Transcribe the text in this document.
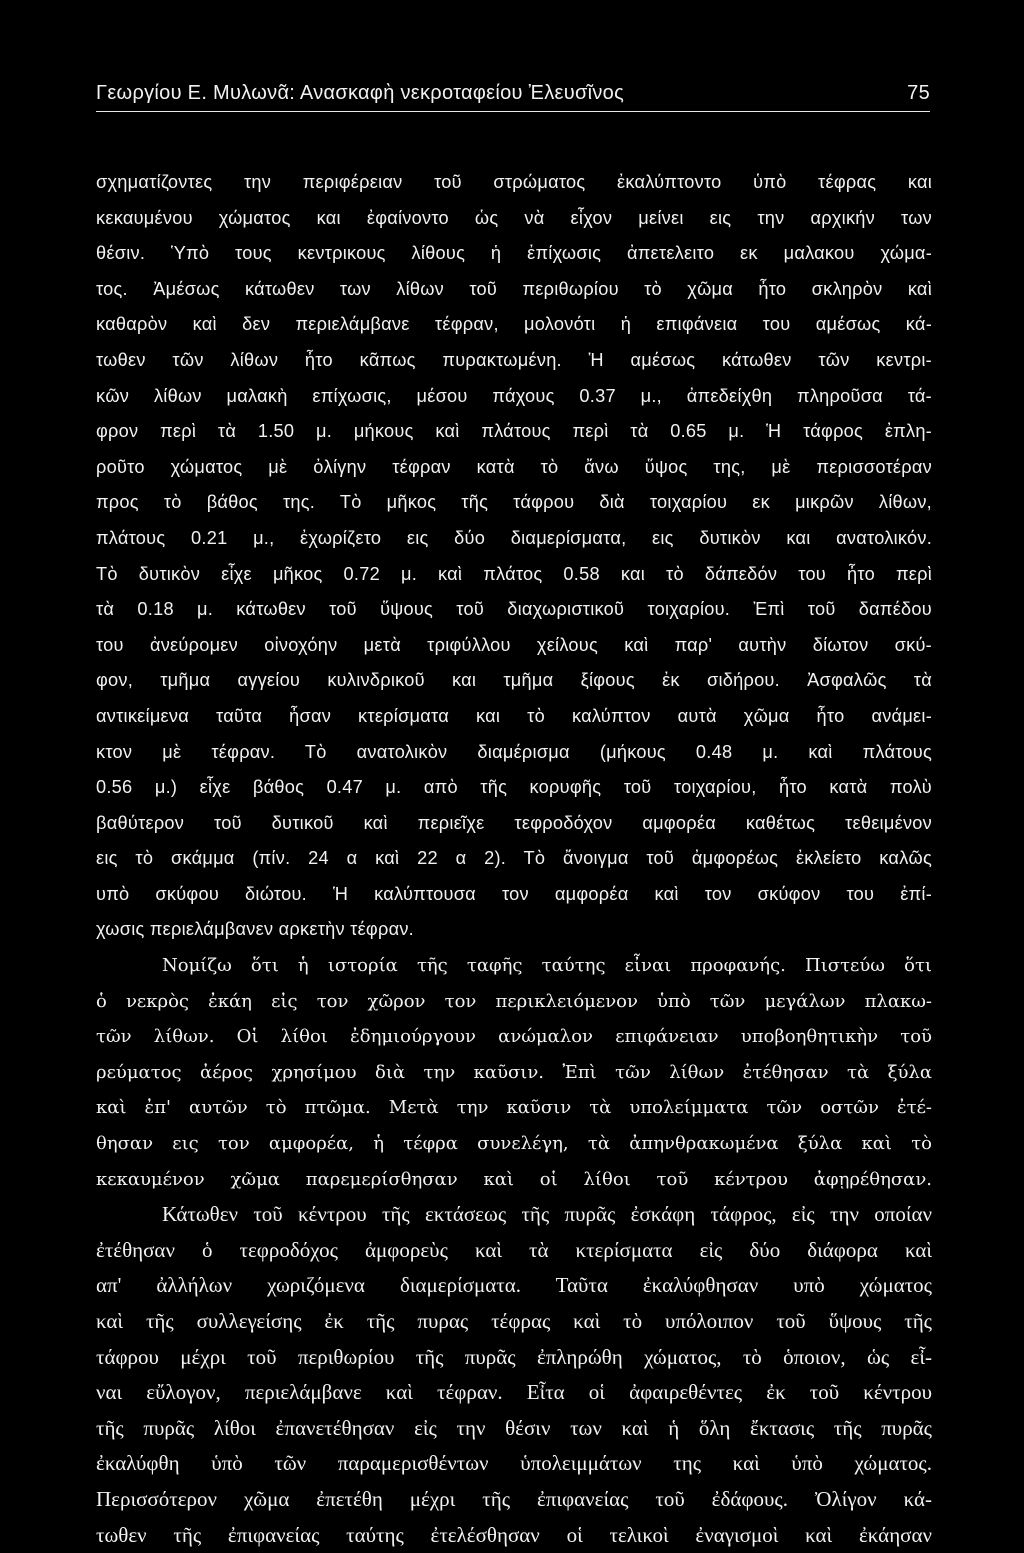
Γεωργίου Ε. Μυλωνᾶ: Ανασκαφὴ νεκροταφείου Ἐλευσῖνος	75
σχηματίζοντες την περιφέρειαν τοῦ στρώματος ἐκαλύπτοντο ὑπὸ τέφρας και
κεκαυμένου χώματος και ἐφαίνοντο ὡς νὰ εἶχον μείνει εις την αρχικήν των
θέσιν. Ὑπὸ τους κεντρικους λίθους ἡ ἐπίχωσις ἀπετελειτο εκ μαλακου χώμα-
τος. Ἀμέσως κάτωθεν των λίθων τοῦ περιθωρίου τὸ χῶμα ἦτο σκληρὸν καὶ
καθαρὸν καὶ δεν περιελάμβανε τέφραν, μολονότι ἡ επιφάνεια του αμέσως κά-
τωθεν τῶν λίθων ἦτο κᾶπως πυρακτωμένη. Ἡ αμέσως κάτωθεν τῶν κεντρι-
κῶν λίθων μαλακὴ επίχωσις, μέσου πάχους 0.37 μ., ἀπεδείχθη πληροῦσα τά-
φρον περὶ τὰ 1.50 μ. μήκους καὶ πλάτους περὶ τὰ 0.65 μ. Ἡ τάφρος ἐπλη-
ροῦτο χώματος μὲ ὀλίγην τέφραν κατὰ τὸ ἄνω ὕψος της, μὲ περισσοτέραν
προς τὸ βάθος της. Τὸ μῆκος τῆς τάφρου διὰ τοιχαρίου εκ μικρῶν λίθων,
πλάτους 0.21 μ., ἐχωρίζετο εις δύο διαμερίσματα, εις δυτικὸν και ανατολικόν.
Τὸ δυτικὸν εἶχε μῆκος 0.72 μ. καὶ πλάτος 0.58 και τὸ δάπεδόν του ἦτο περὶ
τὰ 0.18 μ. κάτωθεν τοῦ ὕψους τοῦ διαχωριστικοῦ τοιχαρίου. Ἐπὶ τοῦ δαπέδου
του ἀνεύρομεν οἰνοχόην μετὰ τριφύλλου χείλους καὶ παρ' αυτὴν δίωτον σκύ-
φον, τμῆμα αγγείου κυλινδρικοῦ και τμῆμα ξίφους ἐκ σιδήρου. Ἀσφαλῶς τὰ
αντικείμενα ταῦτα ἦσαν κτερίσματα και τὸ καλύπτον αυτὰ χῶμα ἦτο ανάμει-
κτον μὲ τέφραν. Τὸ ανατολικὸν διαμέρισμα (μήκους 0.48 μ. καὶ πλάτους
0.56 μ.) εἶχε βάθος 0.47 μ. απὸ τῆς κορυφῆς τοῦ τοιχαρίου, ἦτο κατὰ πολὺ
βαθύτερον τοῦ δυτικοῦ καὶ περιεῖχε τεφροδόχον αμφορέα καθέτως τεθειμένον
εις τὸ σκάμμα (πίν. 24 α καὶ 22 α 2). Τὸ ἄνοιγμα τοῦ ἀμφορέως ἐκλείετο καλῶς
υπὸ σκύφου διώτου. Ἡ καλύπτουσα τον αμφορέα καὶ τον σκύφον του ἐπί-
χωσις περιελάμβανεν αρκετὴν τέφραν.
Νομίζω ὅτι ἡ ιστορία τῆς ταφῆς ταύτης εἶναι προφανής. Πιστεύω ὅτι
ὁ νεκρὸς ἐκάη εἰς τον χῶρον τον περικλειόμενον ὑπὸ τῶν μεγάλων πλακω-
τῶν λίθων. Οἱ λίθοι ἐδημιούργουν ανώμαλον επιφάνειαν υποβοηθητικὴν τοῦ
ρεύματος ἀέρος χρησίμου διὰ την καῦσιν. Ἐπὶ τῶν λίθων ἐτέθησαν τὰ ξύλα
καὶ ἐπ' αυτῶν τὸ πτῶμα. Μετὰ την καῦσιν τὰ υπολείμματα τῶν οστῶν ἐτέ-
θησαν εις τον αμφορέα, ἡ τέφρα συνελέγη, τὰ ἀπηνθρακωμένα ξύλα καὶ τὸ
κεκαυμένον χῶμα παρεμερίσθησαν καὶ οἱ λίθοι τοῦ κέντρου ἀφῃρέθησαν.
Κάτωθεν τοῦ κέντρου τῆς εκτάσεως τῆς πυρᾶς ἐσκάφη τάφρος, εἰς την οποίαν
ἐτέθησαν ὁ τεφροδόχος ἀμφορεὺς καὶ τὰ κτερίσματα εἰς δύο διάφορα καὶ
απ' ἀλλήλων χωριζόμενα διαμερίσματα. Ταῦτα ἐκαλύφθησαν υπὸ χώματος
καὶ τῆς συλλεγείσης ἐκ τῆς πυρας τέφρας καὶ τὸ υπόλοιπον τοῦ ὕψους τῆς
τάφρου μέχρι τοῦ περιθωρίου τῆς πυρᾶς ἐπληρώθη χώματος, τὸ ὁποιον, ὡς εἶ-
ναι εὔλογον, περιελάμβανε καὶ τέφραν. Εἶτα οἱ ἀφαιρεθέντες ἐκ τοῦ κέντρου
τῆς πυρᾶς λίθοι ἐπανετέθησαν εἰς την θέσιν των καὶ ἡ ὅλη ἔκτασις τῆς πυρᾶς
ἐκαλύφθη ὑπὸ τῶν παραμερισθέντων ὑπολειμμάτων της καὶ ὑπὸ χώματος.
Περισσότερον χῶμα ἐπετέθη μέχρι τῆς ἐπιφανείας τοῦ ἐδάφους. Ὀλίγον κά-
τωθεν τῆς ἐπιφανείας ταύτης ἐτελέσθησαν οἱ τελικοὶ ἐναγισμοὶ καὶ ἐκάησαν
